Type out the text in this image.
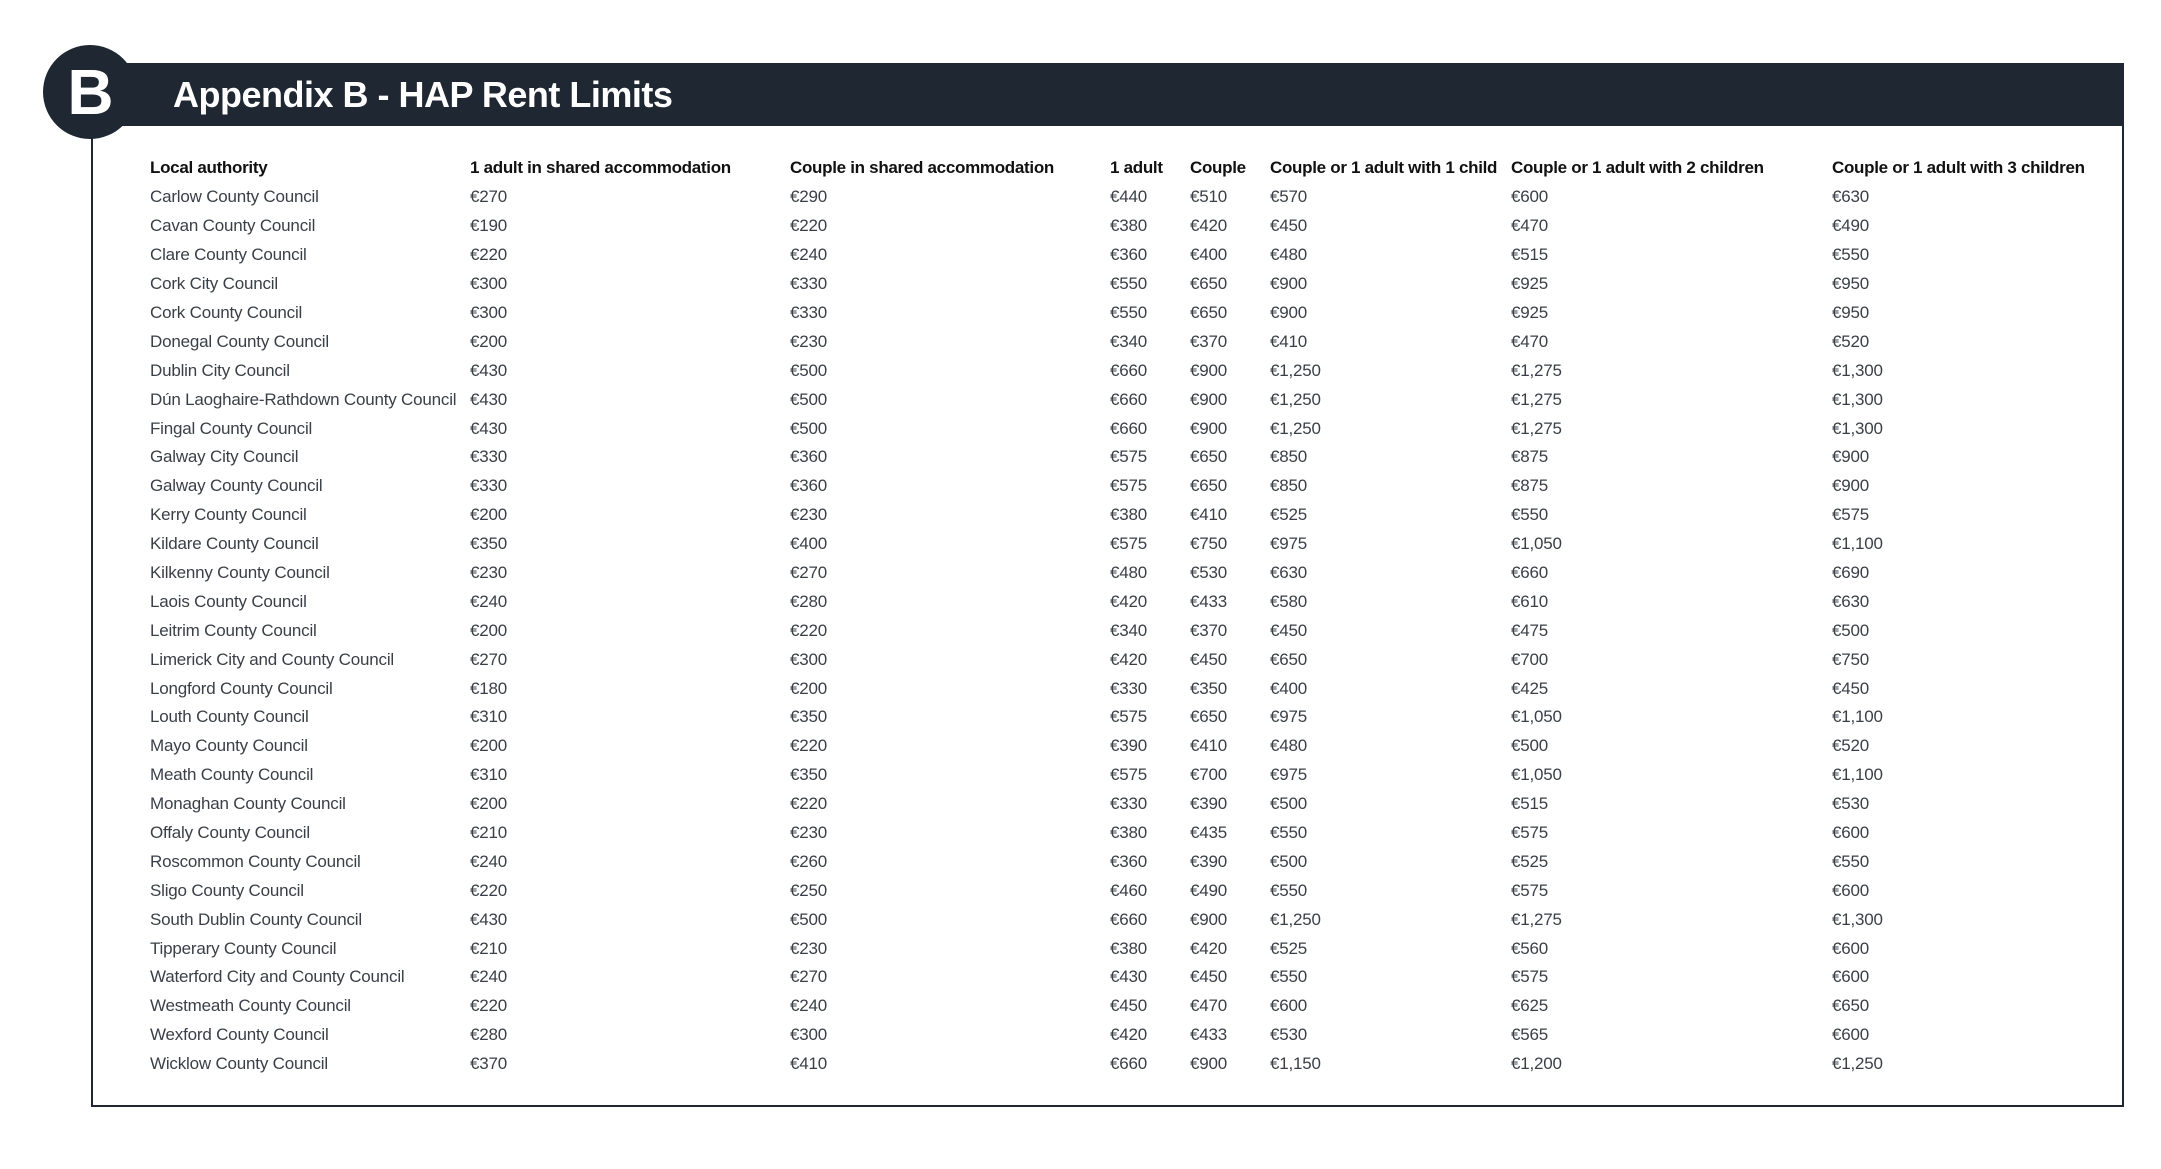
B	Appendix B - HAP Rent Limits
Local authority	1 adult in shared accommodation	Couple in shared accommodation	1 adult	Couple	Couple or 1 adult with 1 child	Couple or 1 adult with 2 children	Couple or 1 adult with 3 children
Carlow County Council	€270	€290	€440	€510	€570	€600	€630
Cavan County Council	€190	€220	€380	€420	€450	€470	€490
Clare County Council	€220	€240	€360	€400	€480	€515	€550
Cork City Council	€300	€330	€550	€650	€900	€925	€950
Cork County Council	€300	€330	€550	€650	€900	€925	€950
Donegal County Council	€200	€230	€340	€370	€410	€470	€520
Dublin City Council	€430	€500	€660	€900	€1,250	€1,275	€1,300
Dún Laoghaire-Rathdown County Council	€430	€500	€660	€900	€1,250	€1,275	€1,300
Fingal County Council	€430	€500	€660	€900	€1,250	€1,275	€1,300
Galway City Council	€330	€360	€575	€650	€850	€875	€900
Galway County Council	€330	€360	€575	€650	€850	€875	€900
Kerry County Council	€200	€230	€380	€410	€525	€550	€575
Kildare County Council	€350	€400	€575	€750	€975	€1,050	€1,100
Kilkenny County Council	€230	€270	€480	€530	€630	€660	€690
Laois County Council	€240	€280	€420	€433	€580	€610	€630
Leitrim County Council	€200	€220	€340	€370	€450	€475	€500
Limerick City and County Council	€270	€300	€420	€450	€650	€700	€750
Longford County Council	€180	€200	€330	€350	€400	€425	€450
Louth County Council	€310	€350	€575	€650	€975	€1,050	€1,100
Mayo County Council	€200	€220	€390	€410	€480	€500	€520
Meath County Council	€310	€350	€575	€700	€975	€1,050	€1,100
Monaghan County Council	€200	€220	€330	€390	€500	€515	€530
Offaly County Council	€210	€230	€380	€435	€550	€575	€600
Roscommon County Council	€240	€260	€360	€390	€500	€525	€550
Sligo County Council	€220	€250	€460	€490	€550	€575	€600
South Dublin County Council	€430	€500	€660	€900	€1,250	€1,275	€1,300
Tipperary County Council	€210	€230	€380	€420	€525	€560	€600
Waterford City and County Council	€240	€270	€430	€450	€550	€575	€600
Westmeath County Council	€220	€240	€450	€470	€600	€625	€650
Wexford County Council	€280	€300	€420	€433	€530	€565	€600
Wicklow County Council	€370	€410	€660	€900	€1,150	€1,200	€1,250
